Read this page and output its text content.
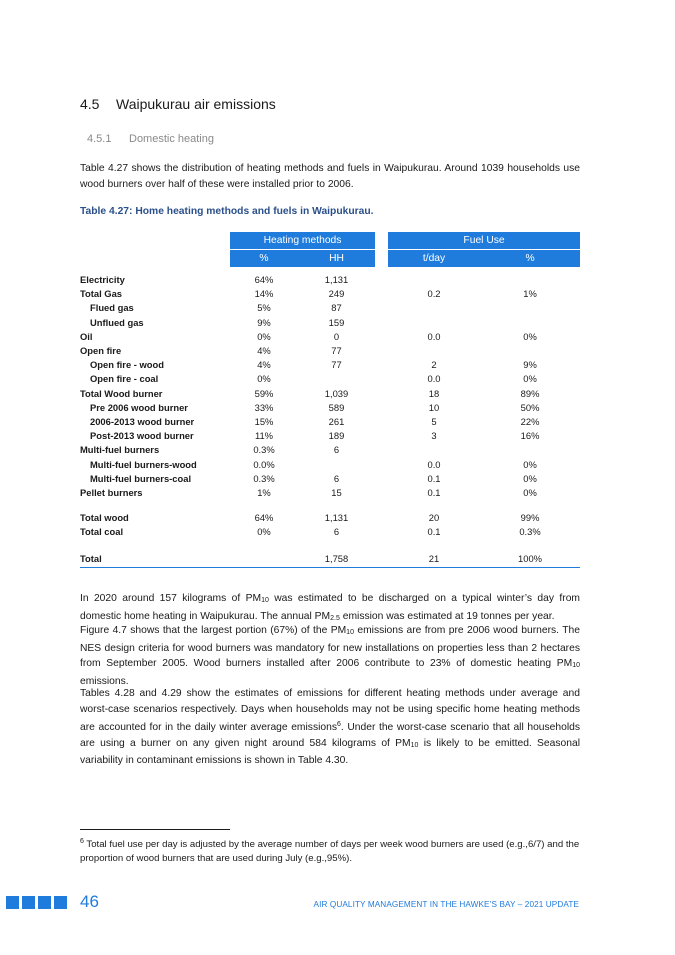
4.5 Waipukurau air emissions
4.5.1 Domestic heating

Table 4.27 shows the distribution of heating methods and fuels in Waipukurau. Around 1039 households use wood burners over half of these were installed prior to 2006.

Table 4.27: Home heating methods and fuels in Waipukurau.
	Heating methods			Fuel Use	
	%	HH		t/day	%
Electricity	64%	1,131			
Total Gas	14%	249		0.2	1%
Flued gas	5%	87			
Unflued gas	9%	159			
Oil	0%	0		0.0	0%
Open fire	4%	77			
Open fire - wood	4%	77		2	9%
Open fire - coal	0%			0.0	0%
Total Wood burner	59%	1,039		18	89%
Pre 2006 wood burner	33%	589		10	50%
2006-2013 wood burner	15%	261		5	22%
Post-2013 wood burner	11%	189		3	16%
Multi-fuel burners	0.3%	6			
Multi-fuel burners-wood	0.0%			0.0	0%
Multi-fuel burners-coal	0.3%	6		0.1	0%
Pellet burners	1%	15		0.1	0%

Total wood	64%	1,131		20	99%
Total coal	0%	6		0.1	0.3%

Total		1,758		21	100%

In 2020 around 157 kilograms of $PM_{10}$ was estimated to be discharged on a typical winter’s day from domestic home heating in Waipukurau. The annual $PM_{2.5}$ emission was estimated at 19 tonnes per year.

Figure 4.7 shows that the largest portion (67%) of the $PM_{10}$ emissions are from pre 2006 wood burners. The NES design criteria for wood burners was mandatory for new installations on properties less than 2 hectares from September 2005. Wood burners installed after 2006 contribute to 23% of domestic heating $PM_{10}$ emissions.

Tables 4.28 and 4.29 show the estimates of emissions for different heating methods under average and worst-case scenarios respectively. Days when households may not be using specific home heating methods are accounted for in the daily winter average emissions$^6$. Under the worst-case scenario that all households are using a burner on any given night around 584 kilograms of $PM_{10}$ is likely to be emitted. Seasonal variability in contaminant emissions is shown in Table 4.30.

$^6$ Total fuel use per day is adjusted by the average number of days per week wood burners are used (e.g.,6/7) and the proportion of wood burners that are used during July (e.g.,95%).

46	AIR QUALITY MANAGEMENT IN THE HAWKE’S BAY – 2021 UPDATE
